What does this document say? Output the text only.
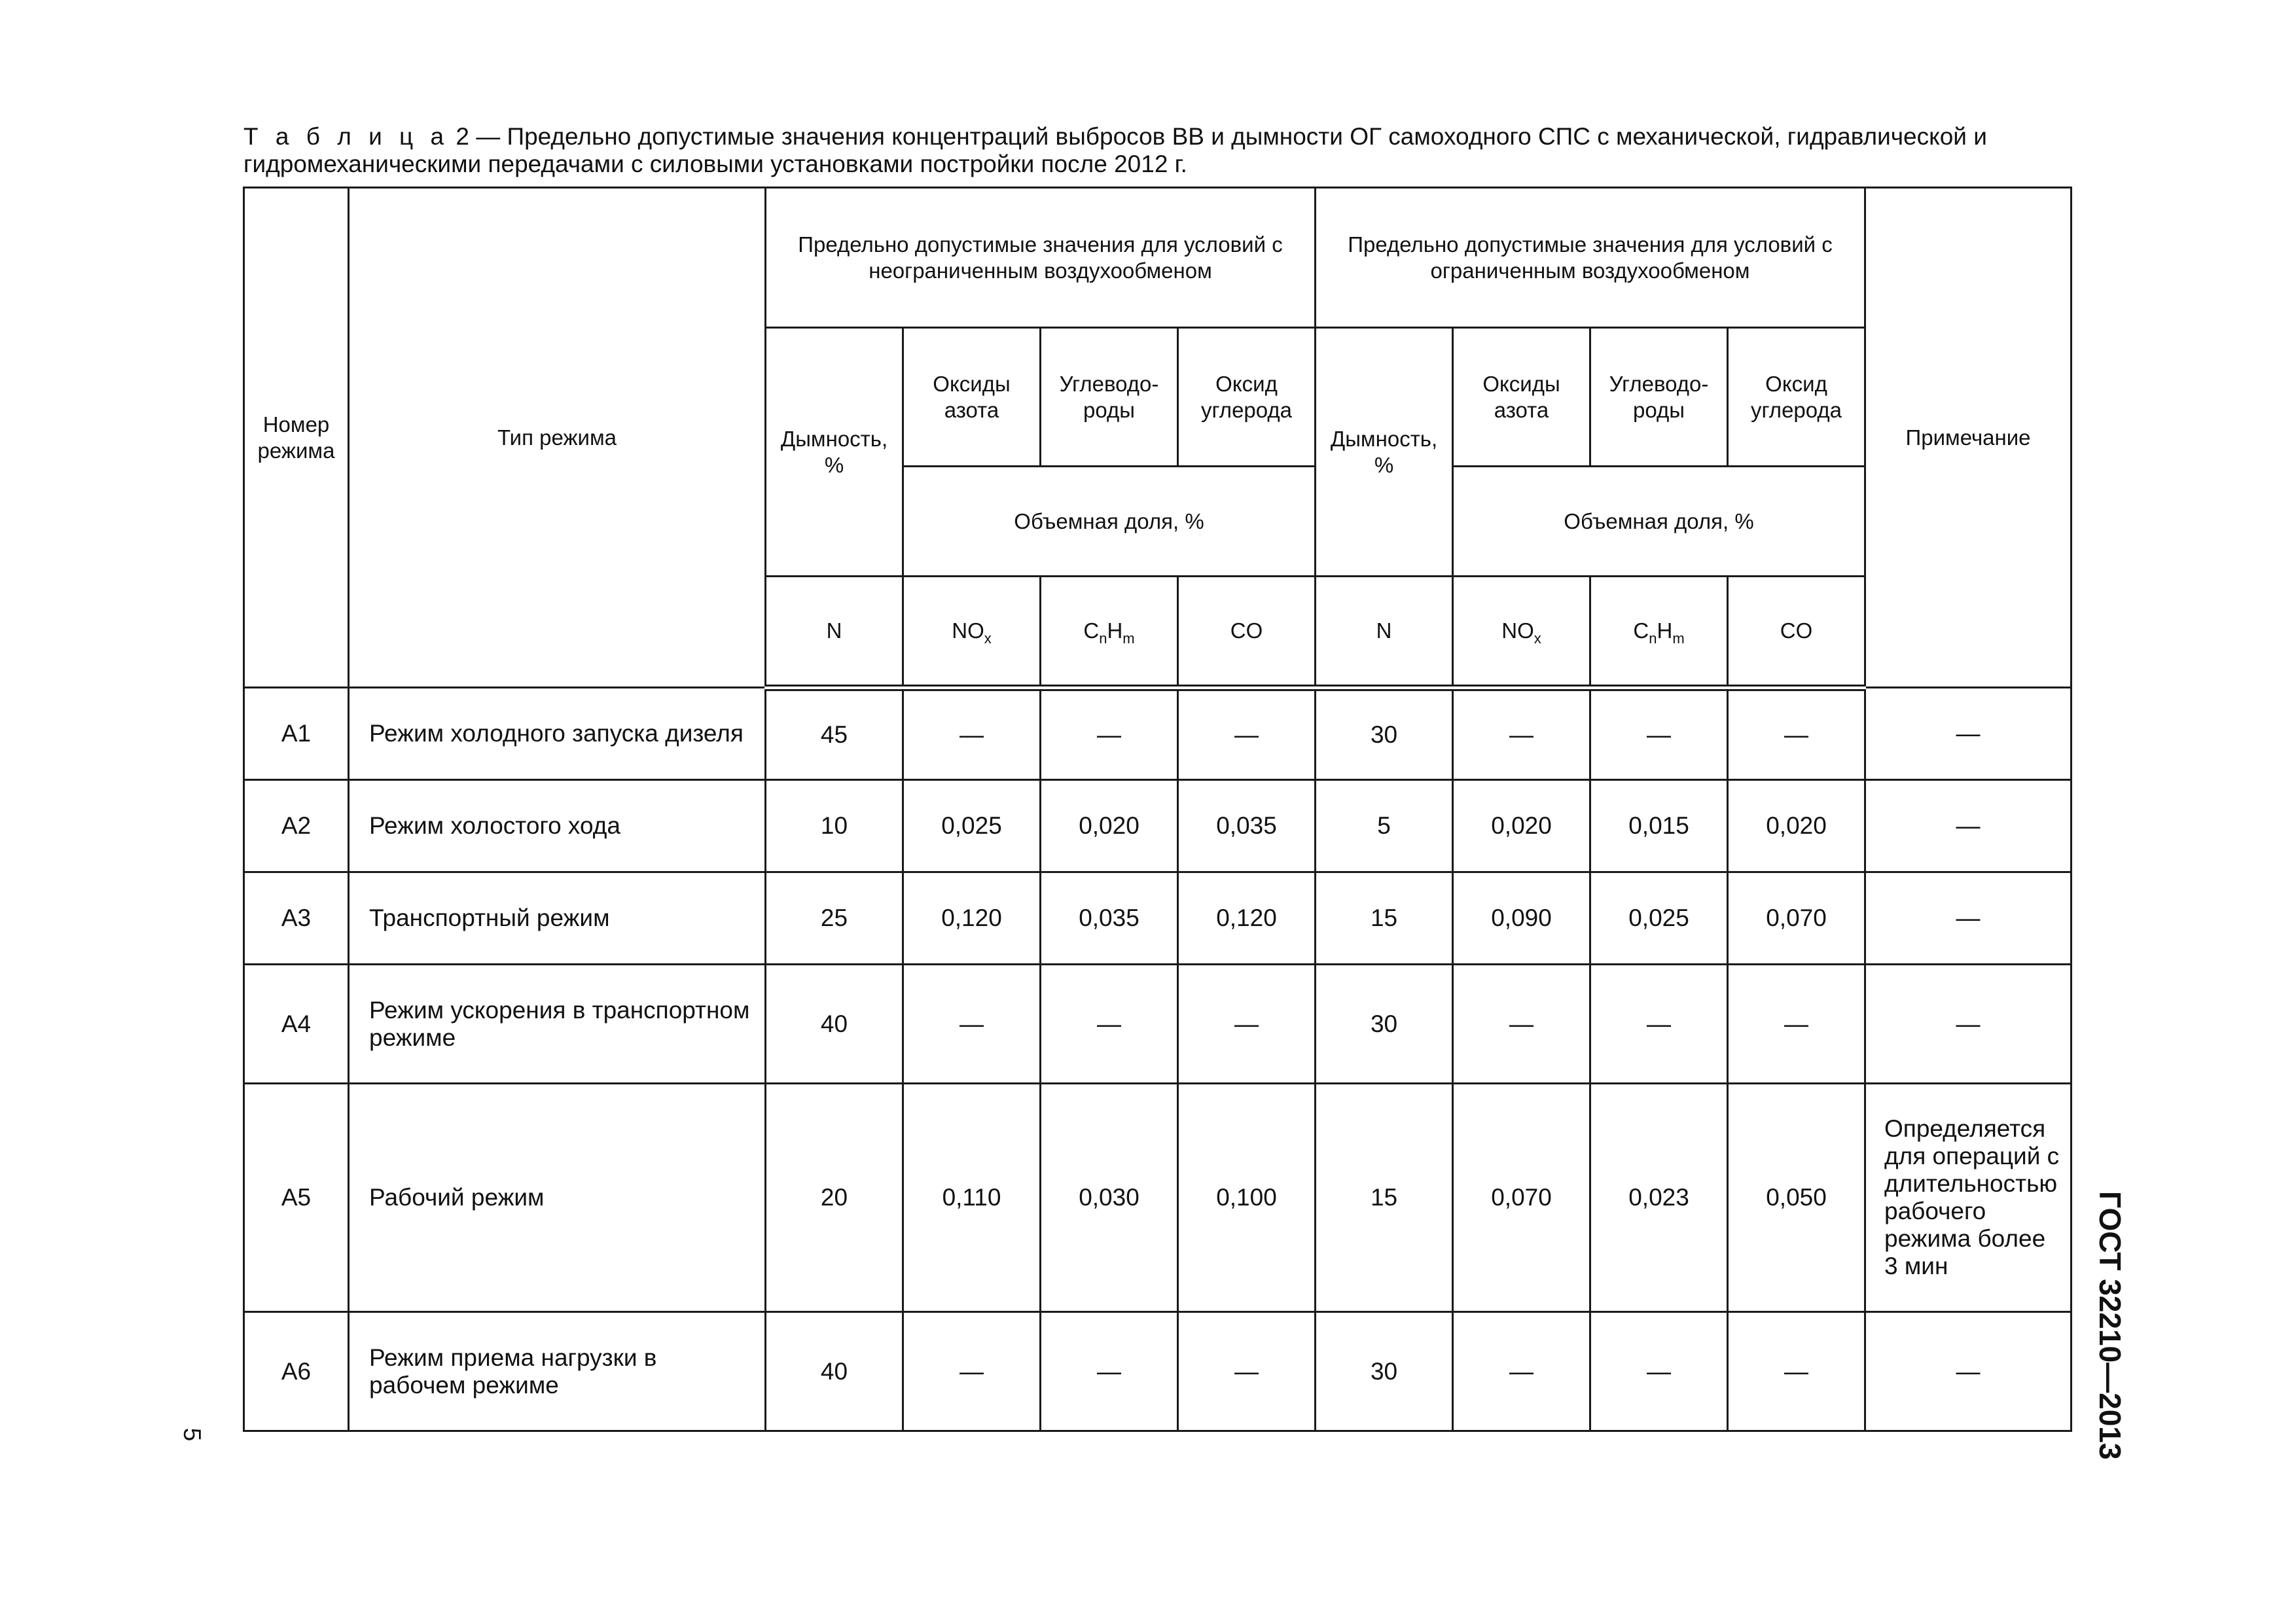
Т а б л и ц а 2 — Предельно допустимые значения концентраций выбросов ВВ и дымности ОГ самоходного СПС с механической, гидравлической и гидромеханическими передачами с силовыми установками постройки после 2012 г.

Номер режима	Тип режима	Предельно допустимые значения для условий с неограниченным воздухообменом				Предельно допустимые значения для условий с ограниченным воздухообменом				Примечание
		Дымность, %	Оксиды азота	Углеводо- роды	Оксид углерода	Дымность, %	Оксиды азота	Углеводо- роды	Оксид углерода	
			Объемная доля, %				Объемная доля, %			
		N	$NO_x$	$C_nH_m$	CO	N	$NO_x$	$C_nH_m$	CO	
A1	Режим холодного запуска дизеля	45	—	—	—	30	—	—	—	—
A2	Режим холостого хода	10	0,025	0,020	0,035	5	0,020	0,015	0,020	—
A3	Транспортный режим	25	0,120	0,035	0,120	15	0,090	0,025	0,070	—
A4	Режим ускорения в транспортном режиме	40	—	—	—	30	—	—	—	—
A5	Рабочий режим	20	0,110	0,030	0,100	15	0,070	0,023	0,050	Определяется для операций с длительностью рабочего режима более 3 мин
A6	Режим приема нагрузки в рабочем режиме	40	—	—	—	30	—	—	—	—	ГОСТ 32210—2013
5
